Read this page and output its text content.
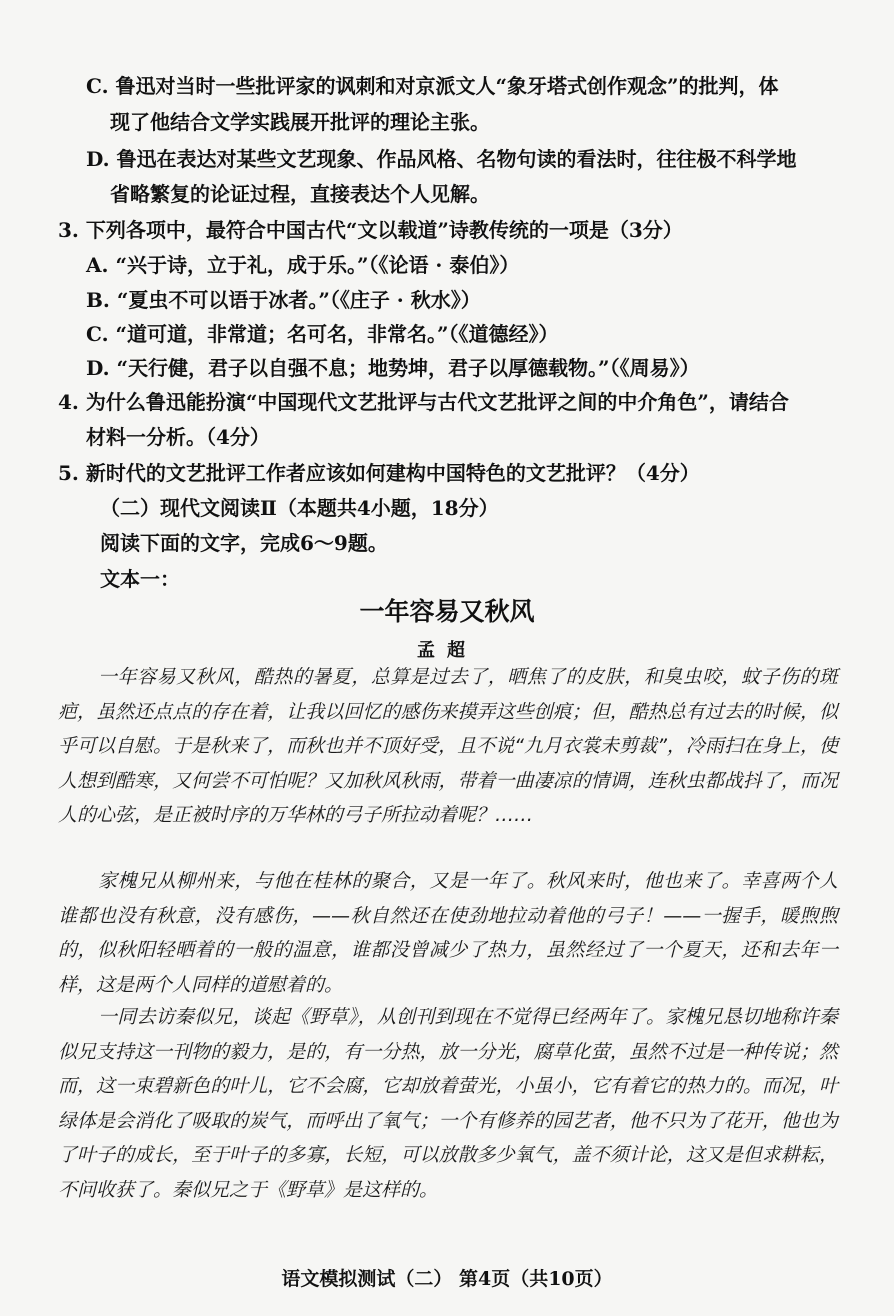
C. 鲁迅对当时一些批评家的讽刺和对京派文人“象牙塔式创作观念”的批判，体
现了他结合文学实践展开批评的理论主张。
D. 鲁迅在表达对某些文艺现象、作品风格、名物句读的看法时，往往极不科学地
省略繁复的论证过程，直接表达个人见解。
3. 下列各项中，最符合中国古代“文以载道”诗教传统的一项是（3分）
A. “兴于诗，立于礼，成于乐。”（《论语 · 泰伯》）
B. “夏虫不可以语于冰者。”（《庄子 · 秋水》）
C. “道可道，非常道；名可名，非常名。”（《道德经》）
D. “天行健，君子以自强不息；地势坤，君子以厚德载物。”（《周易》）
4. 为什么鲁迅能扮演“中国现代文艺批评与古代文艺批评之间的中介角色”，请结合
材料一分析。（4分）
5. 新时代的文艺批评工作者应该如何建构中国特色的文艺批评？（4分）
（二）现代文阅读Ⅱ（本题共4小题，18分）
阅读下面的文字，完成6～9题。
文本一：
一年容易又秋风
孟超
一年容易又秋风，酷热的暑夏，总算是过去了，晒焦了的皮肤，和臭虫咬，蚊子伤的斑疤，虽然还点点的存在着，让我以回忆的感伤来摸弄这些创痕；但，酷热总有过去的时候，似乎可以自慰。于是秋来了，而秋也并不顶好受，且不说“九月衣裳未剪裁”，冷雨扫在身上，使人想到酷寒，又何尝不可怕呢？又加秋风秋雨，带着一曲凄凉的情调，连秋虫都战抖了，而况人的心弦，是正被时序的万华林的弓子所拉动着呢？……
家槐兄从柳州来，与他在桂林的聚合，又是一年了。秋风来时，他也来了。幸喜两个人谁都也没有秋意，没有感伤，——秋自然还在使劲地拉动着他的弓子！——一握手，暖煦煦的，似秋阳轻晒着的一般的温意，谁都没曾减少了热力，虽然经过了一个夏天，还和去年一样，这是两个人同样的道慰着的。
一同去访秦似兄，谈起《野草》，从创刊到现在不觉得已经两年了。家槐兄恳切地称许秦似兄支持这一刊物的毅力，是的，有一分热，放一分光，腐草化萤，虽然不过是一种传说；然而，这一束碧新色的叶儿，它不会腐，它却放着萤光，小虽小，它有着它的热力的。而况，叶绿体是会消化了吸取的炭气，而呼出了氧气；一个有修养的园艺者，他不只为了花开，他也为了叶子的成长，至于叶子的多寡，长短，可以放散多少氧气，盖不须计论，这又是但求耕耘，不问收获了。秦似兄之于《野草》是这样的。
语文模拟测试（二） 第4页（共10页）
